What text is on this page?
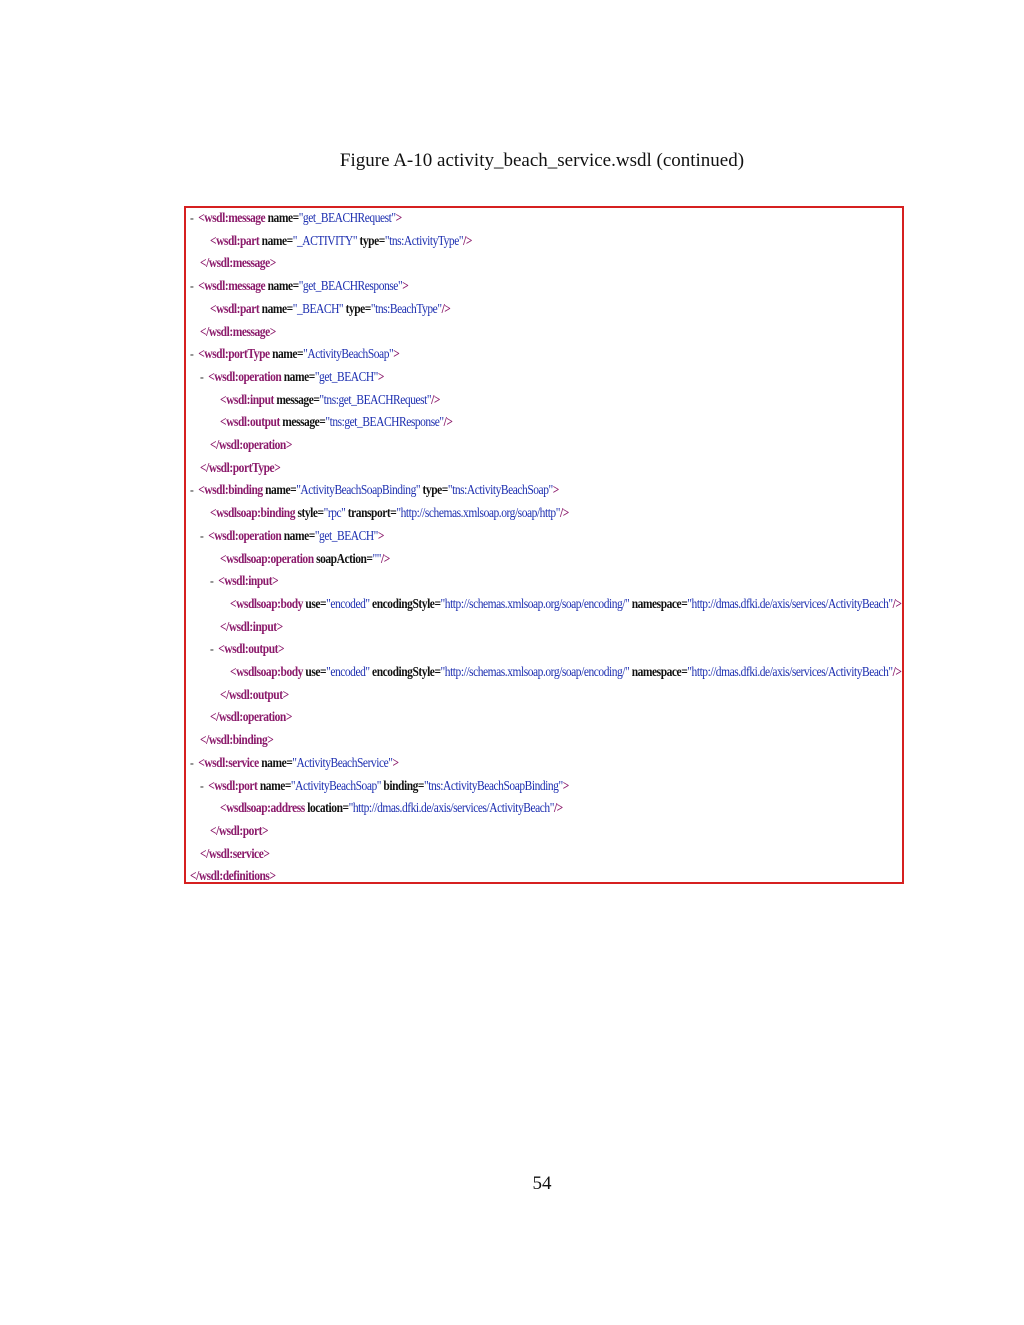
Figure A-10 activity_beach_service.wsdl (continued)
- <wsdl:message name="get_BEACHRequest">
<wsdl:part name="_ACTIVITY" type="tns:ActivityType"/>
</wsdl:message>
- <wsdl:message name="get_BEACHResponse">
<wsdl:part name="_BEACH" type="tns:BeachType"/>
</wsdl:message>
- <wsdl:portType name="ActivityBeachSoap">
- <wsdl:operation name="get_BEACH">
<wsdl:input message="tns:get_BEACHRequest"/>
<wsdl:output message="tns:get_BEACHResponse"/>
</wsdl:operation>
</wsdl:portType>
- <wsdl:binding name="ActivityBeachSoapBinding" type="tns:ActivityBeachSoap">
<wsdlsoap:binding style="rpc" transport="http://schemas.xmlsoap.org/soap/http"/>
- <wsdl:operation name="get_BEACH">
<wsdlsoap:operation soapAction=""/>
- <wsdl:input>
<wsdlsoap:body use="encoded" encodingStyle="http://schemas.xmlsoap.org/soap/encoding/" namespace="http://dmas.dfki.de/axis/services/ActivityBeach"/>
</wsdl:input>
- <wsdl:output>
<wsdlsoap:body use="encoded" encodingStyle="http://schemas.xmlsoap.org/soap/encoding/" namespace="http://dmas.dfki.de/axis/services/ActivityBeach"/>
</wsdl:output>
</wsdl:operation>
</wsdl:binding>
- <wsdl:service name="ActivityBeachService">
- <wsdl:port name="ActivityBeachSoap" binding="tns:ActivityBeachSoapBinding">
<wsdlsoap:address location="http://dmas.dfki.de/axis/services/ActivityBeach"/>
</wsdl:port>
</wsdl:service>
</wsdl:definitions>
54
